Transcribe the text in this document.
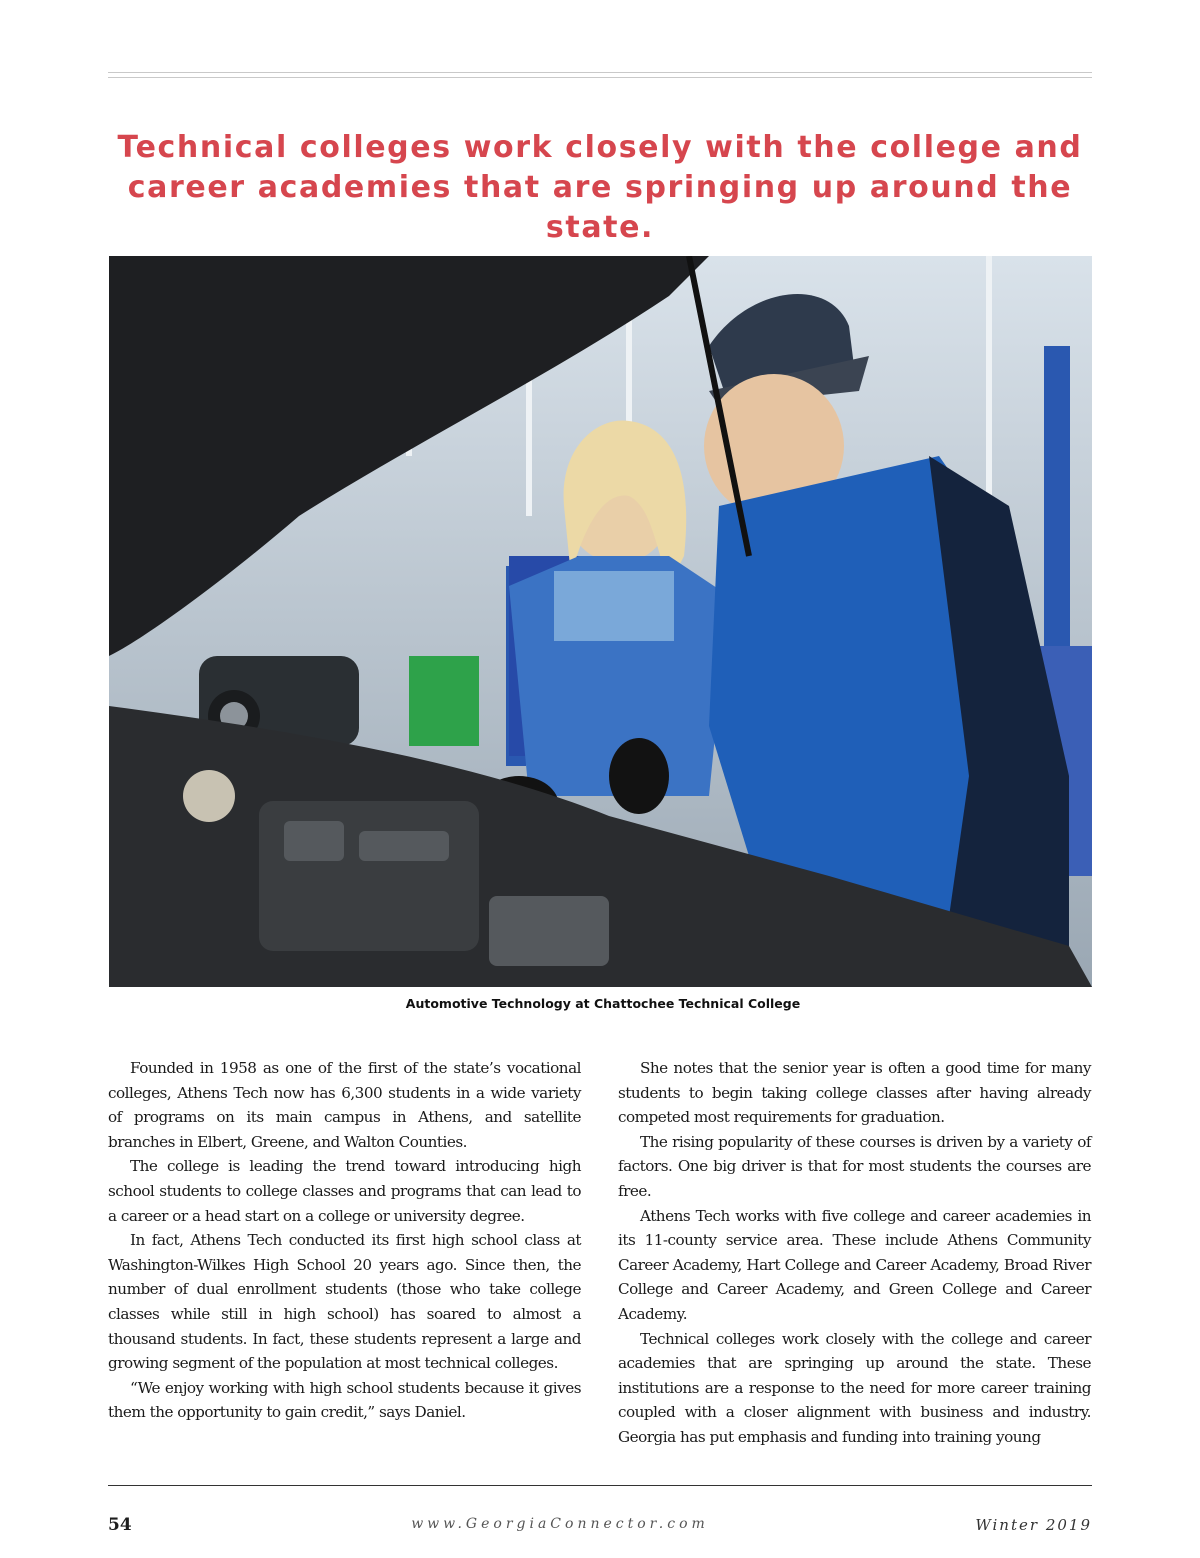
Technical colleges work closely with the college and
career academies that are springing up around the state.
Automotive Technology at Chattochee Technical College

Founded in 1958 as one of the first of the state’s vocational colleges, Athens Tech now has 6,300 students in a wide variety of programs on its main campus in Athens, and satellite branches in Elbert, Greene, and Walton Counties.

The college is leading the trend toward introducing high school students to college classes and programs that can lead to a career or a head start on a college or university degree.

In fact, Athens Tech conducted its first high school class at Washington-Wilkes High School 20 years ago. Since then, the number of dual enrollment students (those who take college classes while still in high school) has soared to almost a thousand students. In fact, these students represent a large and growing segment of the population at most technical colleges.

“We enjoy working with high school students because it gives them the opportunity to gain credit,” says Daniel.

She notes that the senior year is often a good time for many students to begin taking college classes after having already competed most requirements for graduation.

The rising popularity of these courses is driven by a variety of factors. One big driver is that for most students the courses are free.

Athens Tech works with five college and career academies in its 11-county service area. These include Athens Community Career Academy, Hart College and Career Academy, Broad River College and Career Academy, and Green College and Career Academy.

Technical colleges work closely with the college and career academies that are springing up around the state. These institutions are a response to the need for more career training coupled with a closer alignment with business and industry. Georgia has put emphasis and funding into training young

54	www.GeorgiaConnector.com	Winter 2019
